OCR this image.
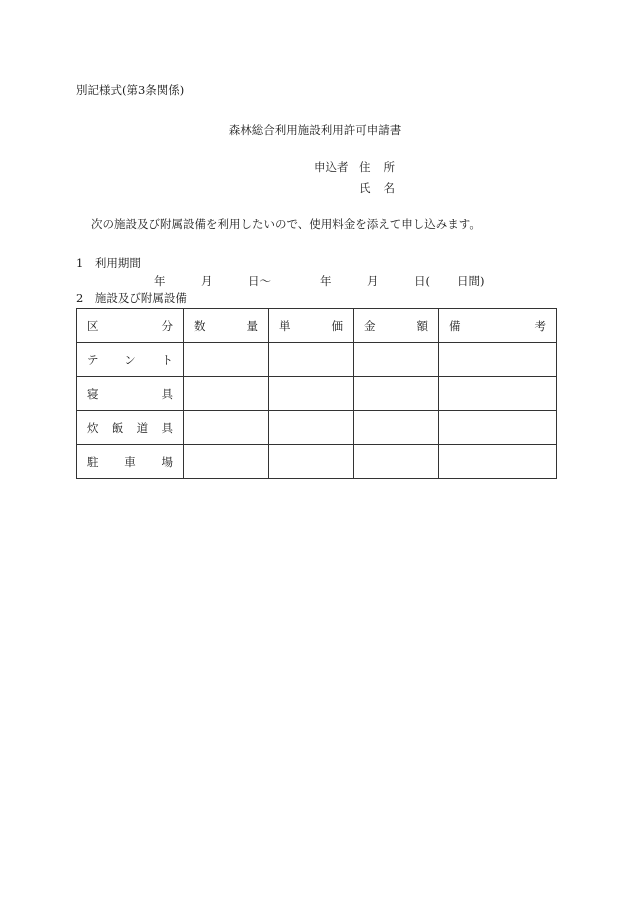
別記様式(第3条関係)
森林総合利用施設利用許可申請書
申込者 住 所
氏 名
次の施設及び附属設備を利用したいので、使用料金を添えて申し込みます。
1　利用期間
年	月	日〜	年	月	日( 日間)
2　施設及び附属設備
区 分	数 量	単 価	金 額	備 考

テ ン ト				

寝 具				

炊 飯 道 具				

駐 車 場				
